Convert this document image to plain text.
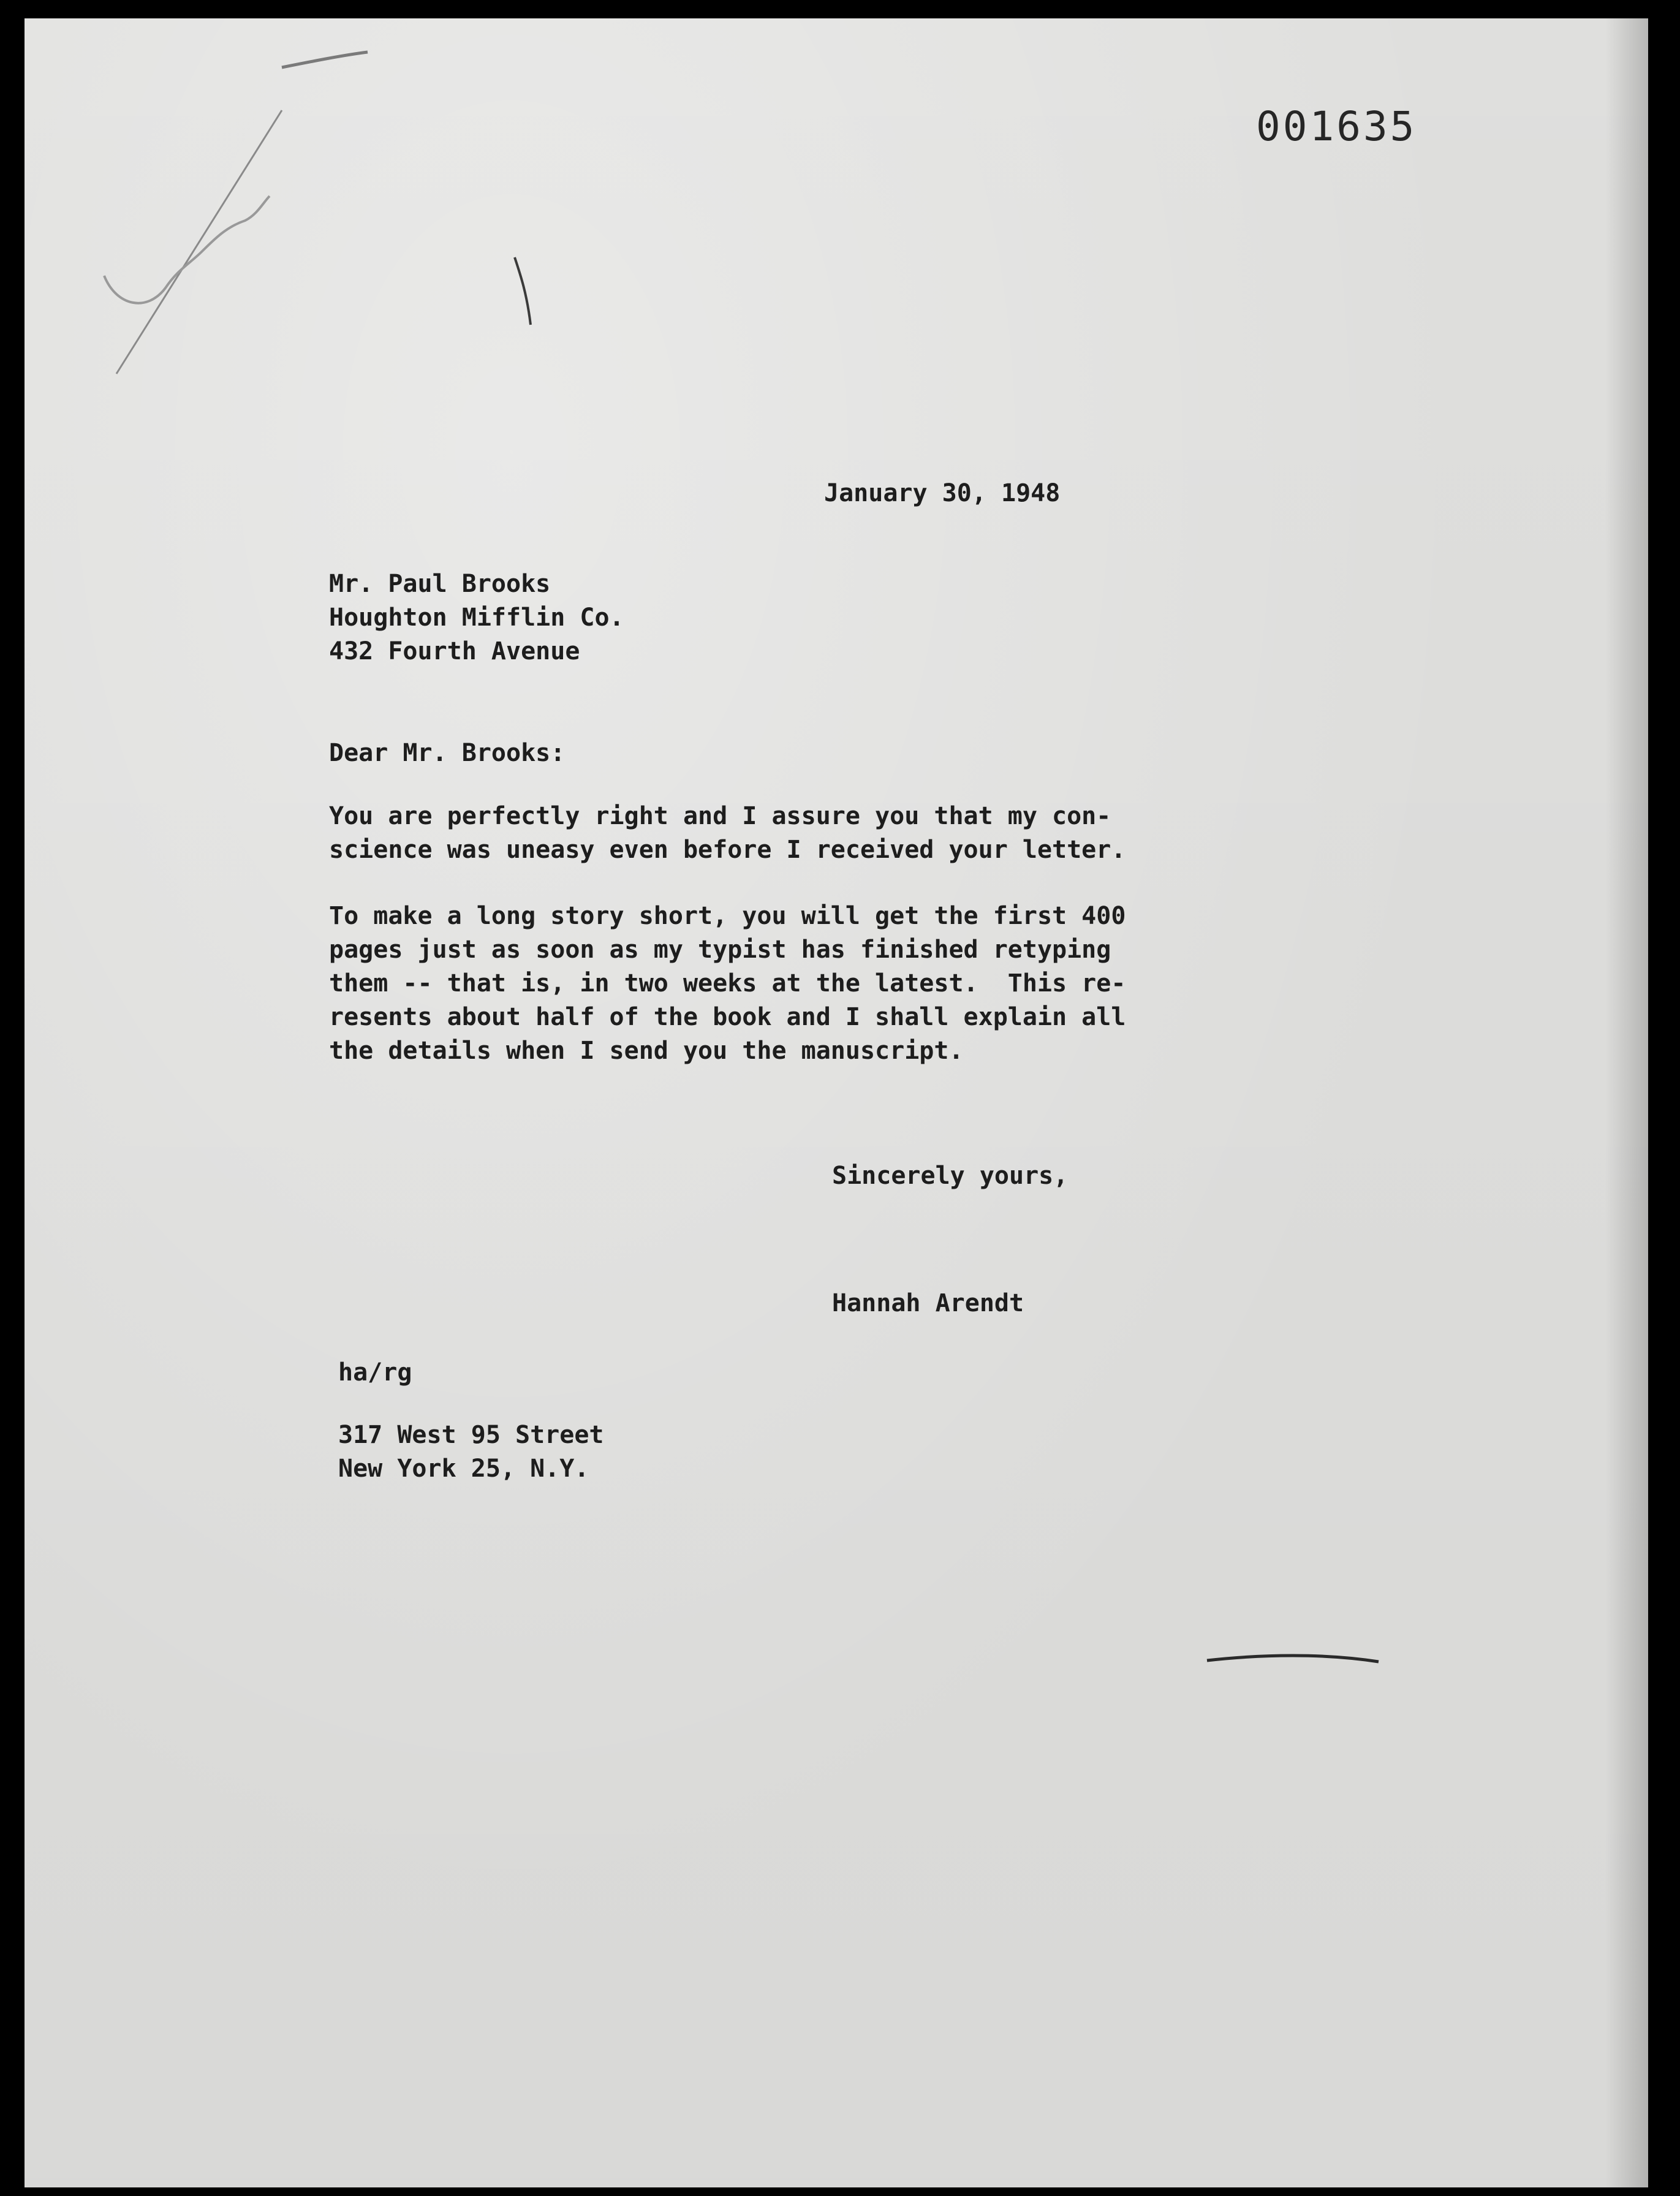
001635

January 30, 1948

Mr. Paul Brooks
Houghton Mifflin Co.
432 Fourth Avenue

Dear Mr. Brooks:

You are perfectly right and I assure you that my con-
science was uneasy even before I received your letter.
To make a long story short, you will get the first 400
pages just as soon as my typist has finished retyping
them -- that is, in two weeks at the latest.  This re-
resents about half of the book and I shall explain all
the details when I send you the manuscript.

Sincerely yours,

Hannah Arendt

ha/rg

317 West 95 Street
New York 25, N.Y.
